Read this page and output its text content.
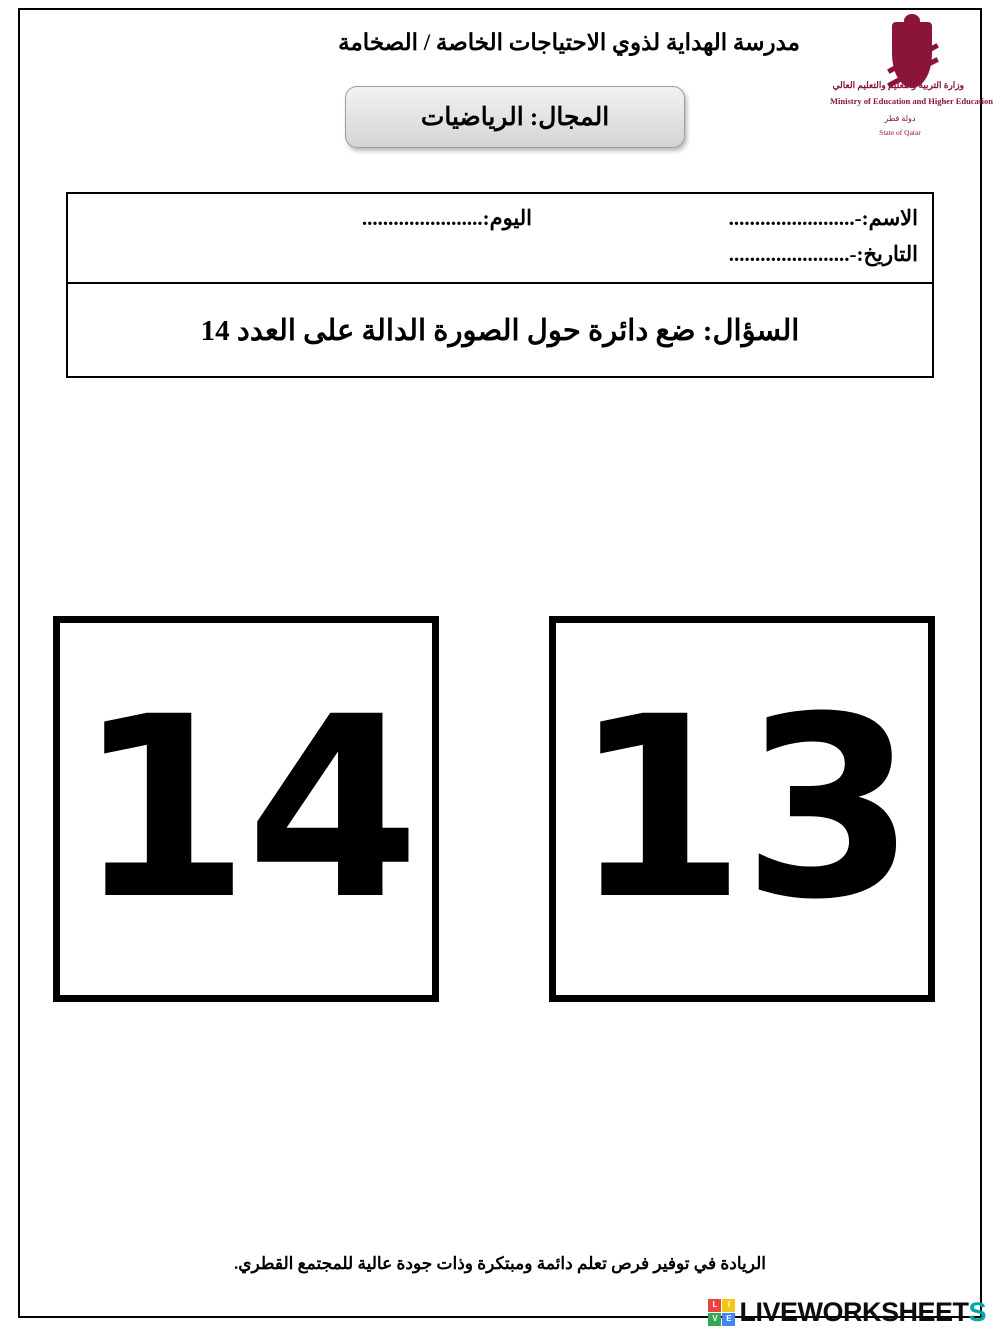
مدرسة الهداية لذوي الاحتياجات الخاصة / الصخامة
وزارة التربية والتعليم والتعليم العالي
Ministry of Education and Higher Education
دولة قطر
State of Qatar
المجال: الرياضيات
الاسم:-........................
اليوم:.......................
التاريخ:-.......................
السؤال: ضع دائرة حول الصورة الدالة على العدد 14
14 13
الريادة في توفير فرص تعلم دائمة ومبتكرة وذات جودة عالية للمجتمع القطري.
L	I
V	E LIVEWORKSHEETS
